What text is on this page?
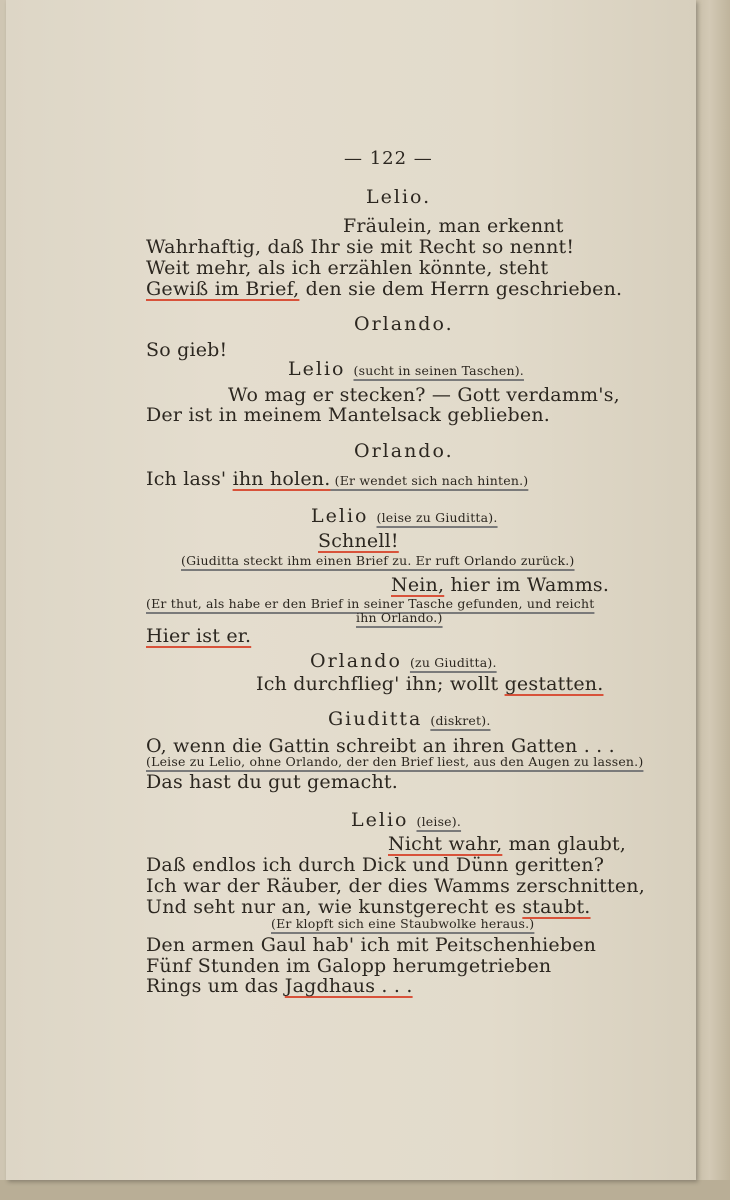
— 122 —
Lelio.
Fräulein, man erkennt
Wahrhaftig, daß Ihr sie mit Recht so nennt!
Weit mehr, als ich erzählen könnte, steht
Gewiß im Brief, den sie dem Herrn geschrieben.
Orlando.
So gieb!
Lelio (sucht in seinen Taschen).
Wo mag er stecken? — Gott verdamm's,
Der ist in meinem Mantelsack geblieben.
Orlando.
Ich lass' ihn holen. (Er wendet sich nach hinten.)
Lelio (leise zu Giuditta).
Schnell!
(Giuditta steckt ihm einen Brief zu. Er ruft Orlando zurück.)
Nein, hier im Wamms.
(Er thut, als habe er den Brief in seiner Tasche gefunden, und reicht
ihn Orlando.)
Hier ist er.
Orlando (zu Giuditta).
Ich durchflieg' ihn; wollt gestatten.
Giuditta (diskret).
O, wenn die Gattin schreibt an ihren Gatten . . .
(Leise zu Lelio, ohne Orlando, der den Brief liest, aus den Augen zu lassen.)
Das hast du gut gemacht.
Lelio (leise).
Nicht wahr, man glaubt,
Daß endlos ich durch Dick und Dünn geritten?
Ich war der Räuber, der dies Wamms zerschnitten,
Und seht nur an, wie kunstgerecht es staubt.
(Er klopft sich eine Staubwolke heraus.)
Den armen Gaul hab' ich mit Peitschenhieben
Fünf Stunden im Galopp herumgetrieben
Rings um das Jagdhaus . . .
